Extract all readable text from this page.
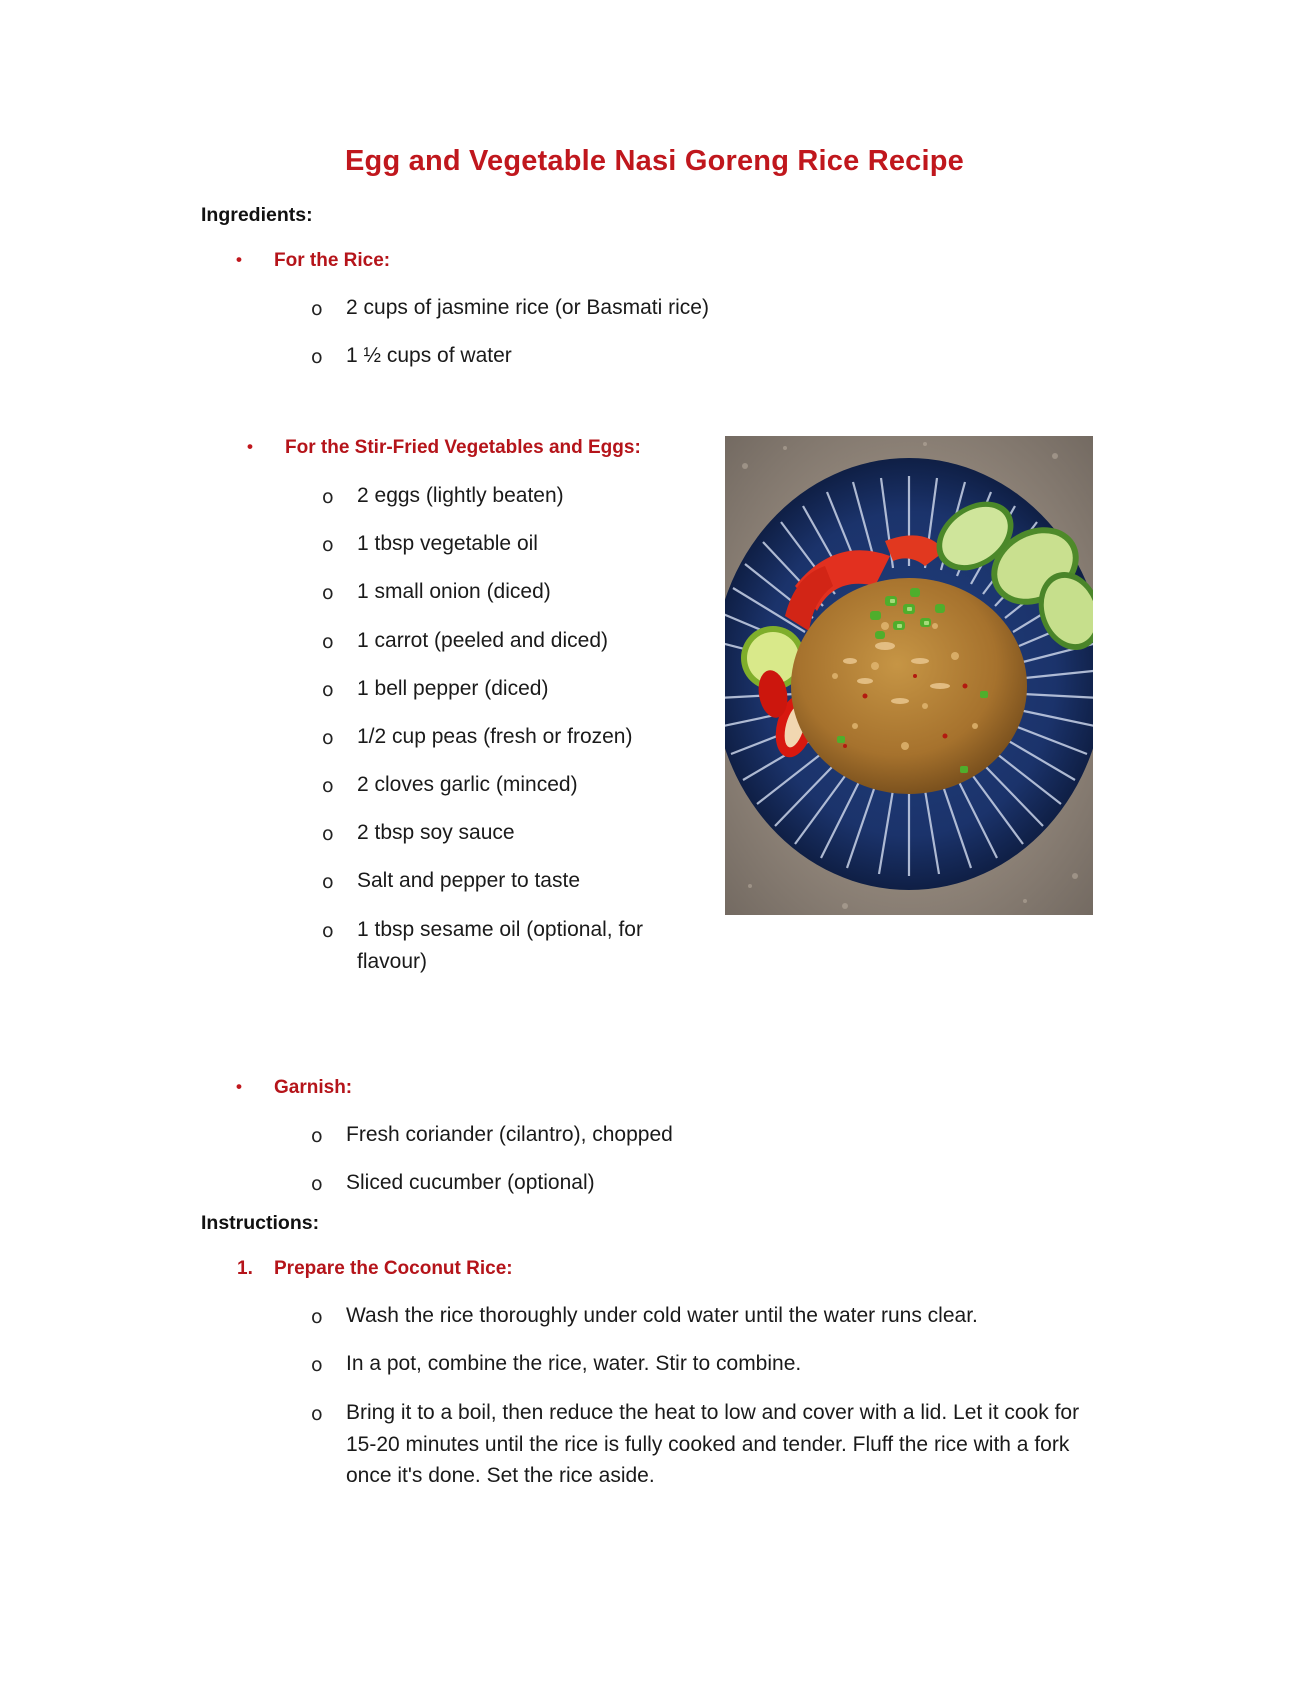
Egg and Vegetable Nasi Goreng Rice Recipe
Ingredients:
• For the Rice:
o 2 cups of jasmine rice (or Basmati rice)
o 1 ½ cups of water
• For the Stir-Fried Vegetables and Eggs:
o 2 eggs (lightly beaten)
o 1 tbsp vegetable oil
o 1 small onion (diced)
o 1 carrot (peeled and diced)
o 1 bell pepper (diced)
o 1/2 cup peas (fresh or frozen)
o 2 cloves garlic (minced)
o 2 tbsp soy sauce
o Salt and pepper to taste
o 1 tbsp sesame oil (optional, for flavour)
• Garnish:
o Fresh coriander (cilantro), chopped
o Sliced cucumber (optional)
Instructions:
1. Prepare the Coconut Rice:
o Wash the rice thoroughly under cold water until the water runs clear.
o In a pot, combine the rice, water. Stir to combine.
o Bring it to a boil, then reduce the heat to low and cover with a lid. Let it cook for 15-20 minutes until the rice is fully cooked and tender. Fluff the rice with a fork once it's done. Set the rice aside.
